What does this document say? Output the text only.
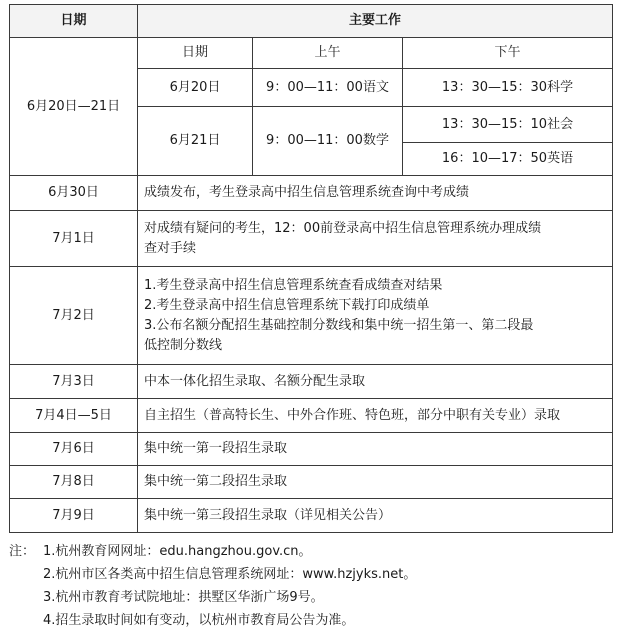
日期	主要工作		
6月20日—21日	日期	上午	下午
	6月20日	9：00—11：00语文	13：30—15：30科学
	6月21日	9：00—11：00数学	13：30—15：10社会
			16：10—17：50英语

6月30日	成绩发布，考生登录高中招生信息管理系统查询中考成绩		

7月1日	对成绩有疑问的考生，12：00前登录高中招生信息管理系统办理成绩
查对手续		

7月2日	1.考生登录高中招生信息管理系统查看成绩查对结果
2.考生登录高中招生信息管理系统下载打印成绩单
3.公布名额分配招生基础控制分数线和集中统一招生第一、第二段最
低控制分数线		

7月3日	中本一体化招生录取、名额分配生录取		

7月4日—5日	自主招生（普高特长生、中外合作班、特色班，部分中职有关专业）录取		

7月6日	集中统一第一段招生录取		

7月8日	集中统一第二段招生录取		

7月9日	集中统一第三段招生录取（详见相关公告）		
注： 1.杭州教育网网址：edu.hangzhou.gov.cn。
2.杭州市区各类高中招生信息管理系统网址：www.hzjyks.net。
3.杭州市教育考试院地址：拱墅区华浙广场9号。
4.招生录取时间如有变动，以杭州市教育局公告为准。
